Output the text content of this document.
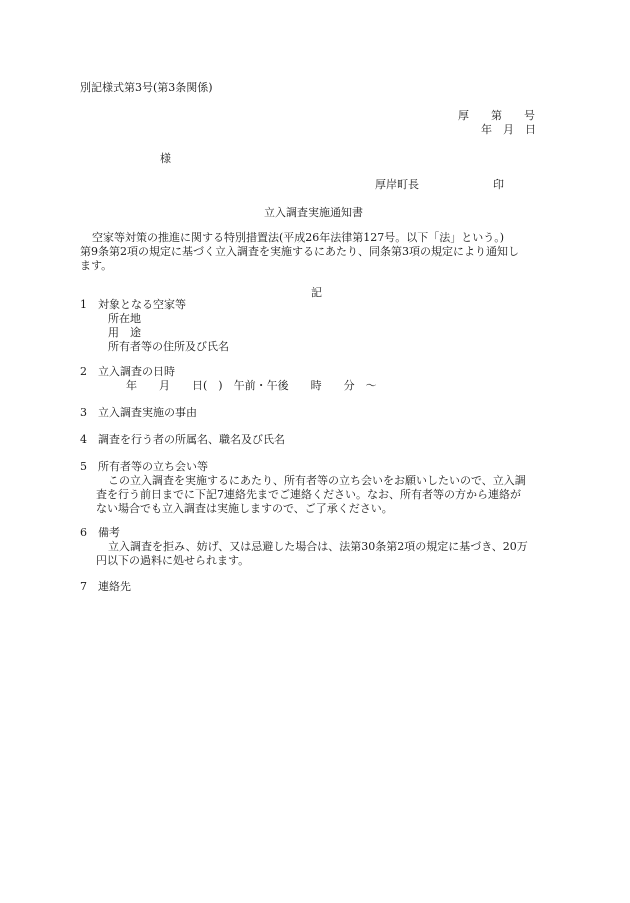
別記様式第3号(第3条関係)
厚　　第　　号
年　月　日
様
厚岸町長	印
立入調査実施通知書
空家等対策の推進に関する特別措置法(平成26年法律第127号。以下「法」という。)
第9条第2項の規定に基づく立入調査を実施するにあたり、同条第3項の規定により通知し
ます。
記
1　対象となる空家等
所在地
用　途
所有者等の住所及び氏名
2　立入調査の日時
年　　月　　日(　)　午前・午後　　時　　分　～
3　立入調査実施の事由
4　調査を行う者の所属名、職名及び氏名
5　所有者等の立ち会い等
この立入調査を実施するにあたり、所有者等の立ち会いをお願いしたいので、立入調
査を行う前日までに下記7連絡先までご連絡ください。なお、所有者等の方から連絡が
ない場合でも立入調査は実施しますので、ご了承ください。
6　備考
立入調査を拒み、妨げ、又は忌避した場合は、法第30条第2項の規定に基づき、20万
円以下の過料に処せられます。
7　連絡先
